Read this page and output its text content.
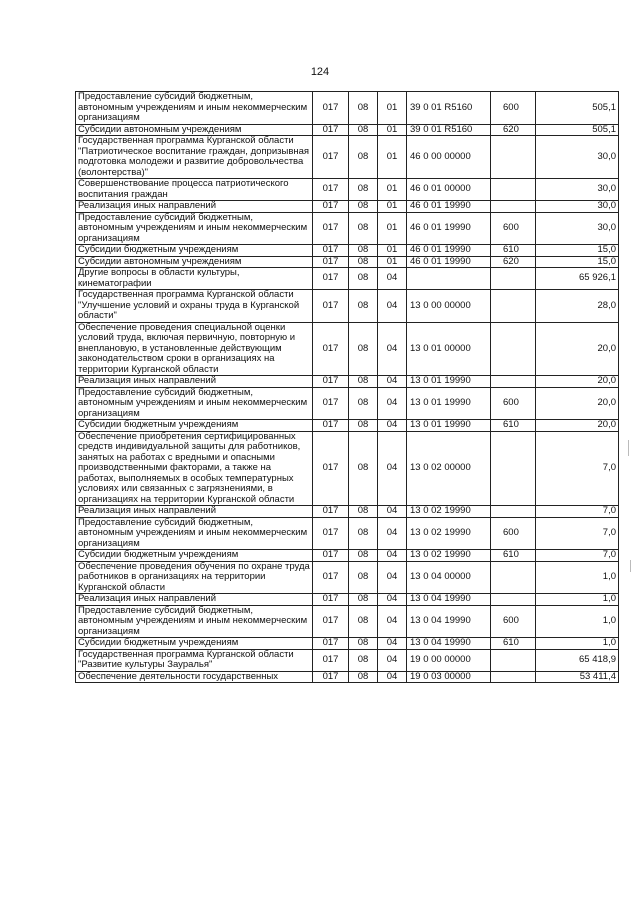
124
Предоставление субсидий бюджетным, автономным учреждениям и иным некоммерческим организациям	017	08	01	39 0 01 R5160	600	505,1
Субсидии автономным учреждениям	017	08	01	39 0 01 R5160	620	505,1
Государственная программа Курганской области "Патриотическое воспитание граждан, допризывная подготовка молодежи и развитие добровольчества (волонтерства)"	017	08	01	46 0 00 00000		30,0
Совершенствование процесса патриотического воспитания граждан	017	08	01	46 0 01 00000		30,0
Реализация иных направлений	017	08	01	46 0 01 19990		30,0
Предоставление субсидий бюджетным, автономным учреждениям и иным некоммерческим организациям	017	08	01	46 0 01 19990	600	30,0
Субсидии бюджетным учреждениям	017	08	01	46 0 01 19990	610	15,0
Субсидии автономным учреждениям	017	08	01	46 0 01 19990	620	15,0
Другие вопросы в области культуры, кинематографии	017	08	04			65 926,1
Государственная программа Курганской области "Улучшение условий и охраны труда в Курганской области"	017	08	04	13 0 00 00000		28,0
Обеспечение проведения специальной оценки условий труда, включая первичную, повторную и внеплановую, в установленные действующим законодательством сроки в организациях на территории Курганской области	017	08	04	13 0 01 00000		20,0
Реализация иных направлений	017	08	04	13 0 01 19990		20,0
Предоставление субсидий бюджетным, автономным учреждениям и иным некоммерческим организациям	017	08	04	13 0 01 19990	600	20,0
Субсидии бюджетным учреждениям	017	08	04	13 0 01 19990	610	20,0
Обеспечение приобретения сертифицированных средств индивидуальной защиты для работников, занятых на работах с вредными и опасными производственными факторами, а также на работах, выполняемых в особых температурных условиях или связанных с загрязнениями, в организациях на территории Курганской области	017	08	04	13 0 02 00000		7,0
Реализация иных направлений	017	08	04	13 0 02 19990		7,0
Предоставление субсидий бюджетным, автономным учреждениям и иным некоммерческим организациям	017	08	04	13 0 02 19990	600	7,0
Субсидии бюджетным учреждениям	017	08	04	13 0 02 19990	610	7,0
Обеспечение проведения обучения по охране труда работников в организациях на территории Курганской области	017	08	04	13 0 04 00000		1,0
Реализация иных направлений	017	08	04	13 0 04 19990		1,0
Предоставление субсидий бюджетным, автономным учреждениям и иным некоммерческим организациям	017	08	04	13 0 04 19990	600	1,0
Субсидии бюджетным учреждениям	017	08	04	13 0 04 19990	610	1,0
Государственная программа Курганской области "Развитие культуры Зауралья"	017	08	04	19 0 00 00000		65 418,9
Обеспечение деятельности государственных	017	08	04	19 0 03 00000		53 411,4
